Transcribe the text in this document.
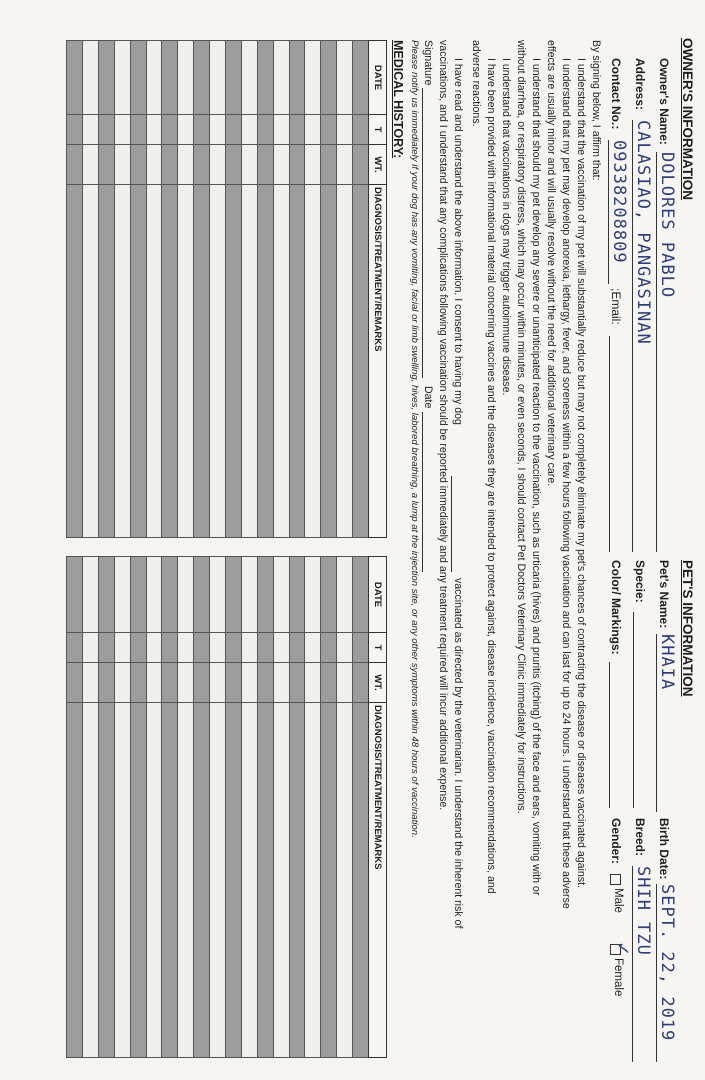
OWNER'S INFORMATION
Owner's Name:
DOLORES PABLO
Address:
CALASIAO, PANGASINAN
Contact No.:
09338208809
;Email:
PET'S INFORMATION
Pet's Name:
KHAIA
Birth Date:
SEPT. 22, 2019
Specie:
Breed:
SHIH TZU
Color/ Markings:
Gender:
Male
✓
Female
By signing below, I affirm that:
I understand that the vaccination of my pet will substantially reduce but may not completely eliminate my pet's chances of contracting the disease or diseases vaccinated against.
I understand that my pet may develop anorexia, lethargy, fever, and soreness within a few hours following vaccination and can last for up to 24 hours. I understand that these adverse
effects are usually minor and will usually resolve without the need for additional veterinary care.
I understand that should my pet develop any severe or unanticipated reaction to the vaccination, such as urticaria (hives) and pruritis (itching) of the face and ears, vomiting with or
without diarrhea, or respiratory distress, which may occur within minutes, or even seconds, I should contact Pet Doctors Veterinary Clinic immediately for instructions.
I understand that vaccinations in dogs may trigger autoimmune disease.
I have been provided with informational material concerning vaccines and the diseases they are intended to protect against, disease incidence, vaccination recommendations, and
adverse reactions.
I have read and understand the above information. I consent to having my dog
vaccinated as directed by the veterinarian. I understand the inherent risk of
vaccinations, and I understand that any complications following vaccination should be reported immediately and any treatment required will incur additional expense.
Signature
Date
Please notify us immediately if your dog has any vomiting, facial or limb swelling, hives, labored breathing, a lump at the injection site, or any other symptoms within 48 hours of vaccination.
MEDICAL HISTORY:
DATE	T	WT.	DIAGNOSIS/TREATMENT/REMARKS

DATE	T	WT.	DIAGNOSIS/TREATMENT/REMARKS
